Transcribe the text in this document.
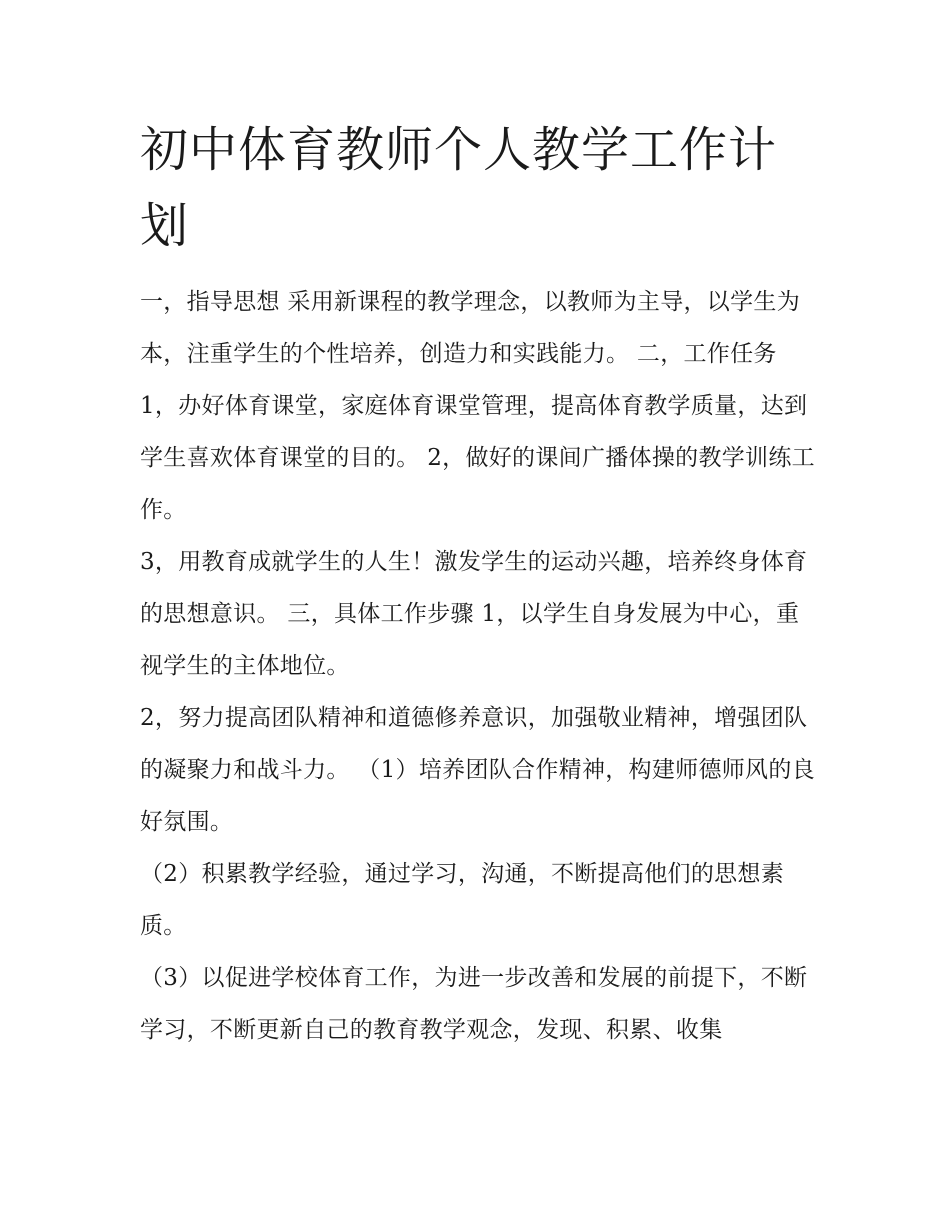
初中体育教师个人教学工作计划

一，指导思想 采用新课程的教学理念，以教师为主导，以学生为本，注重学生的个性培养，创造力和实践能力。 二，工作任务

1，办好体育课堂，家庭体育课堂管理，提高体育教学质量，达到学生喜欢体育课堂的目的。 2，做好的课间广播体操的教学训练工作。

3，用教育成就学生的人生！激发学生的运动兴趣，培养终身体育的思想意识。 三，具体工作步骤 1，以学生自身发展为中心，重视学生的主体地位。

2，努力提高团队精神和道德修养意识，加强敬业精神，增强团队的凝聚力和战斗力。 （1）培养团队合作精神，构建师德师风的良好氛围。

（2）积累教学经验，通过学习，沟通，不断提高他们的思想素质。

（3）以促进学校体育工作，为进一步改善和发展的前提下，不断学习，不断更新自己的教育教学观念，发现、积累、收集
